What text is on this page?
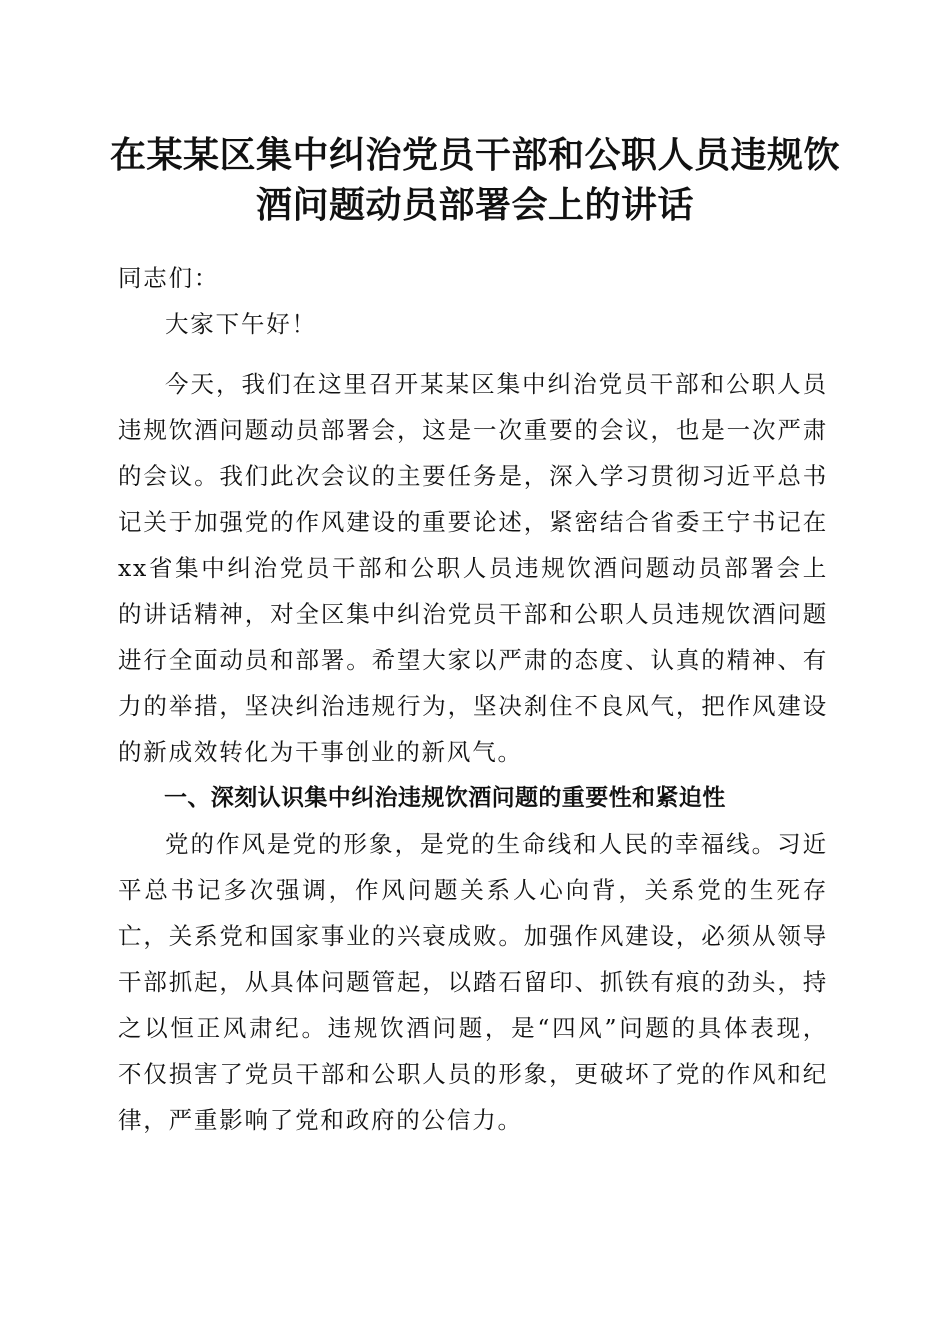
在某某区集中纠治党员干部和公职人员违规饮
酒问题动员部署会上的讲话

同志们：

大家下午好！

今天，我们在这里召开某某区集中纠治党员干部和公职人员违规饮酒问题动员部署会，这是一次重要的会议，也是一次严肃的会议。我们此次会议的主要任务是，深入学习贯彻习近平总书记关于加强党的作风建设的重要论述，紧密结合省委王宁书记在xx省集中纠治党员干部和公职人员违规饮酒问题动员部署会上的讲话精神，对全区集中纠治党员干部和公职人员违规饮酒问题进行全面动员和部署。希望大家以严肃的态度、认真的精神、有力的举措，坚决纠治违规行为，坚决刹住不良风气，把作风建设的新成效转化为干事创业的新风气。

一、深刻认识集中纠治违规饮酒问题的重要性和紧迫性

党的作风是党的形象，是党的生命线和人民的幸福线。习近平总书记多次强调，作风问题关系人心向背，关系党的生死存亡，关系党和国家事业的兴衰成败。加强作风建设，必须从领导干部抓起，从具体问题管起，以踏石留印、抓铁有痕的劲头，持之以恒正风肃纪。违规饮酒问题，是“四风”问题的具体表现，不仅损害了党员干部和公职人员的形象，更破坏了党的作风和纪律，严重影响了党和政府的公信力。
